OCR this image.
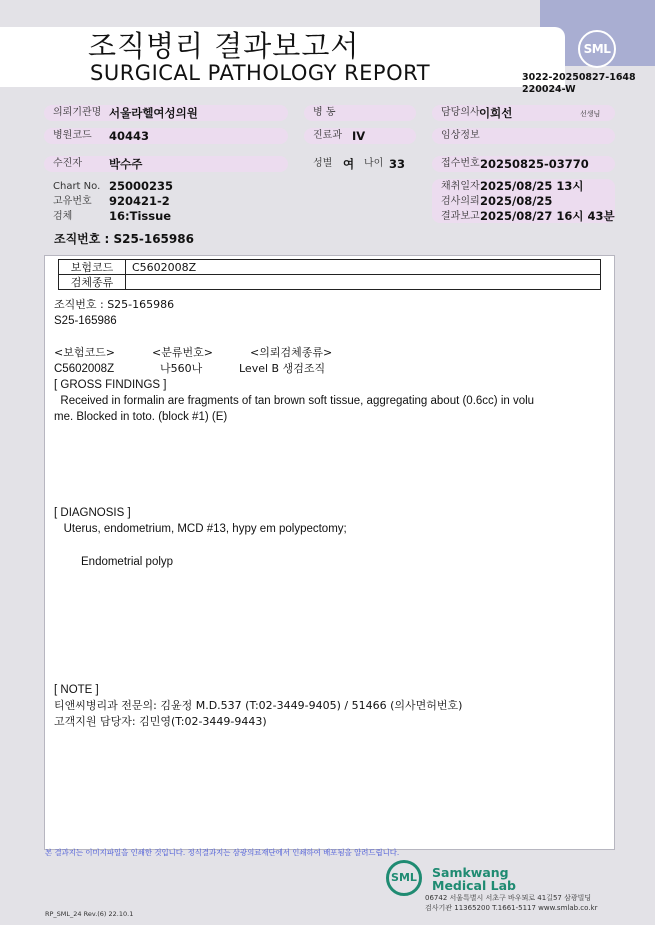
조직병리 결과보고서
SURGICAL PATHOLOGY REPORT
SML
3022-20250827-1648
220024-W
의뢰기관명 서울라헬여성의원	병 동	담당의사 이희선	선생님
병원코드 40443	진료과 IV	임상정보
수진자 박수주	성별 여 나이 33	접수번호 20250825-03770
Chart No. 25000235
고유번호 920421-2
검체	16:Tissue
채취일자 2025/08/25 13시
검사의뢰 2025/08/25
결과보고 2025/08/27 16시 43분
조직번호 : S25-165986
보험코드	C5602008Z
검체종류	
조직번호 : S25-165986
S25-165986
<보험코드>	<분류번호>	<의뢰검체종류>
C5602008Z	나560나	Level B 생검조직
[ GROSS FINDINGS ]
Received in formalin are fragments of tan brown soft tissue, aggregating about (0.6cc) in volu
me. Blocked in toto. (block #1) (E)
[ DIAGNOSIS ]
Uterus, endometrium, MCD #13, hypy em polypectomy;
Endometrial polyp
[ NOTE ]
티앤씨병리과 전문의: 김윤정 M.D.537 (T:02-3449-9405) / 51466 (의사면허번호)
고객지원 담당자: 김민영(T:02-3449-9443)
본 결과지는 이미지파일을 인쇄한 것입니다. 정식결과지는 삼광의료재단에서 인쇄하여 배포됨을 알려드립니다.
SML	Samkwang
Medical Lab
06742 서울특별시 서초구 바우뫼로 41길57 삼광빌딩
검사기관 11365200 T.1661-5117 www.smlab.co.kr
RP_SML_24 Rev.(6) 22.10.1
